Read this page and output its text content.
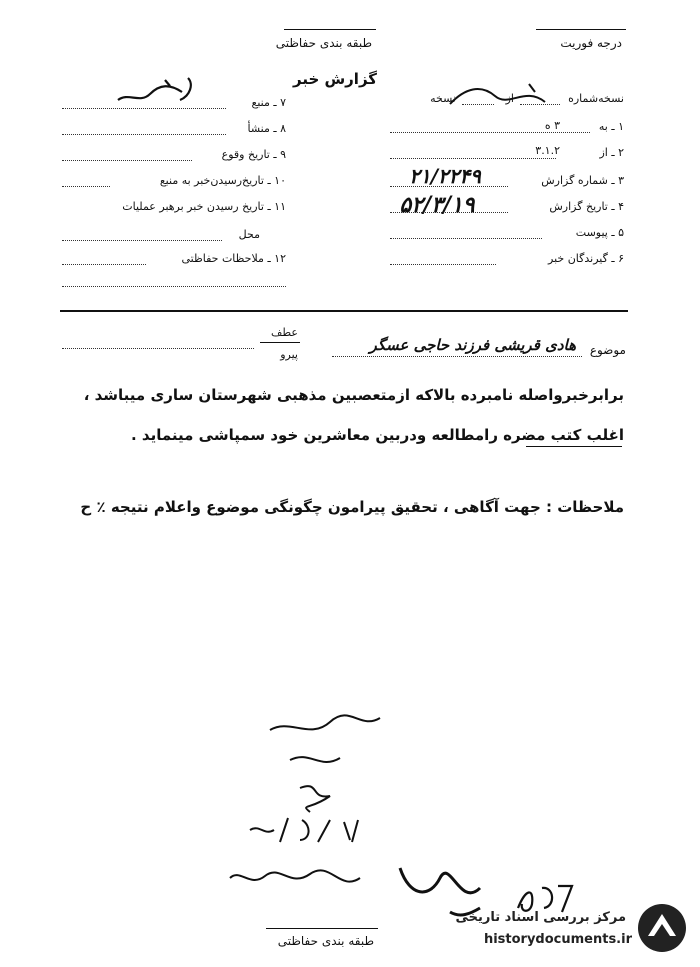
طبقه بندی حفاظتی	درجه فوریت
گزارش خبر
نسخه‌شماره
از
نسخه
۱ ـ به
۳ ه
۲ ـ از
۳.۱.۲
۳ ـ شماره گزارش
۲۱/۲۲۴۹
۴ ـ تاریخ گزارش
۵۲/۳/۱۹
۵ ـ پیوست
۶ ـ گیرندگان خبر
۷ ـ منبع
۸ ـ منشأ
۹ ـ تاریخ وقوع
۱۰ ـ تاریخ‌رسیدن‌خبر به منبع
۱۱ ـ تاریخ رسیدن خبر برهبر عملیات
محل
۱۲ ـ ملاحظات حفاظتی
موضوع
هادی قریشی فرزند حاجی عسگر
عطف
پیرو
برابرخبرواصله نامبرده بالاکه ازمتعصبین مذهبی شهرستان ساری میباشد ،
اغلب کتب مضره رامطالعه ودربین معاشرین خود سمپاشی مینماید .
ملاحظات : جهت آگاهی ، تحقیق پیرامون چگونگی موضوع واعلام نتیجه ٪ ح
طبقه بندی حفاظتی
مرکز بررسی اسناد تاریخی
historydocuments.ir
